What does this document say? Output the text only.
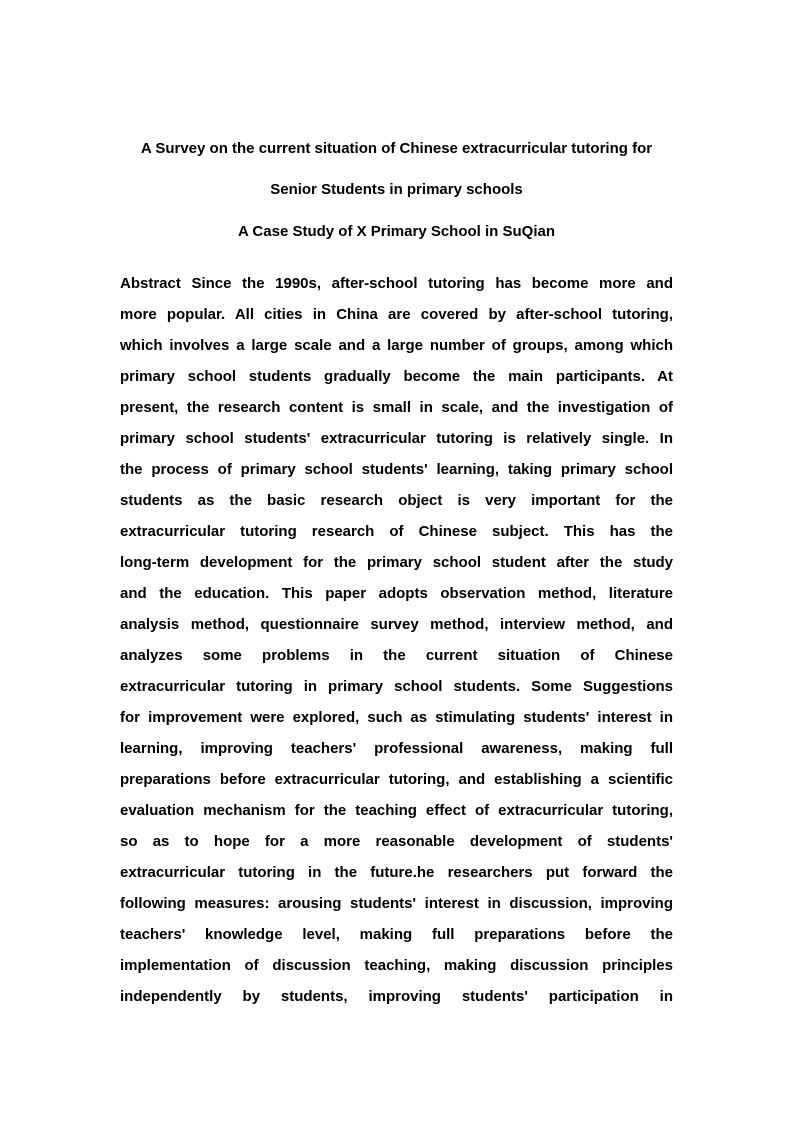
A Survey on the current situation of Chinese extracurricular tutoring for
Senior Students in primary schools
A Case Study of X Primary School in SuQian
Abstract Since the 1990s, after-school tutoring has become more and
more popular. All cities in China are covered by after-school tutoring,
which involves a large scale and a large number of groups, among which
primary school students gradually become the main participants. At
present, the research content is small in scale, and the investigation of
primary school students' extracurricular tutoring is relatively single. In
the process of primary school students' learning, taking primary school
students as the basic research object is very important for the
extracurricular tutoring research of Chinese subject. This has the
long-term development for the primary school student after the study
and the education. This paper adopts observation method, literature
analysis method, questionnaire survey method, interview method, and
analyzes some problems in the current situation of Chinese
extracurricular tutoring in primary school students. Some Suggestions
for improvement were explored, such as stimulating students' interest in
learning, improving teachers' professional awareness, making full
preparations before extracurricular tutoring, and establishing a scientific
evaluation mechanism for the teaching effect of extracurricular tutoring,
so as to hope for a more reasonable development of students'
extracurricular tutoring in the future.he researchers put forward the
following measures: arousing students' interest in discussion, improving
teachers' knowledge level, making full preparations before the
implementation of discussion teaching, making discussion principles
independently by students, improving students' participation in
